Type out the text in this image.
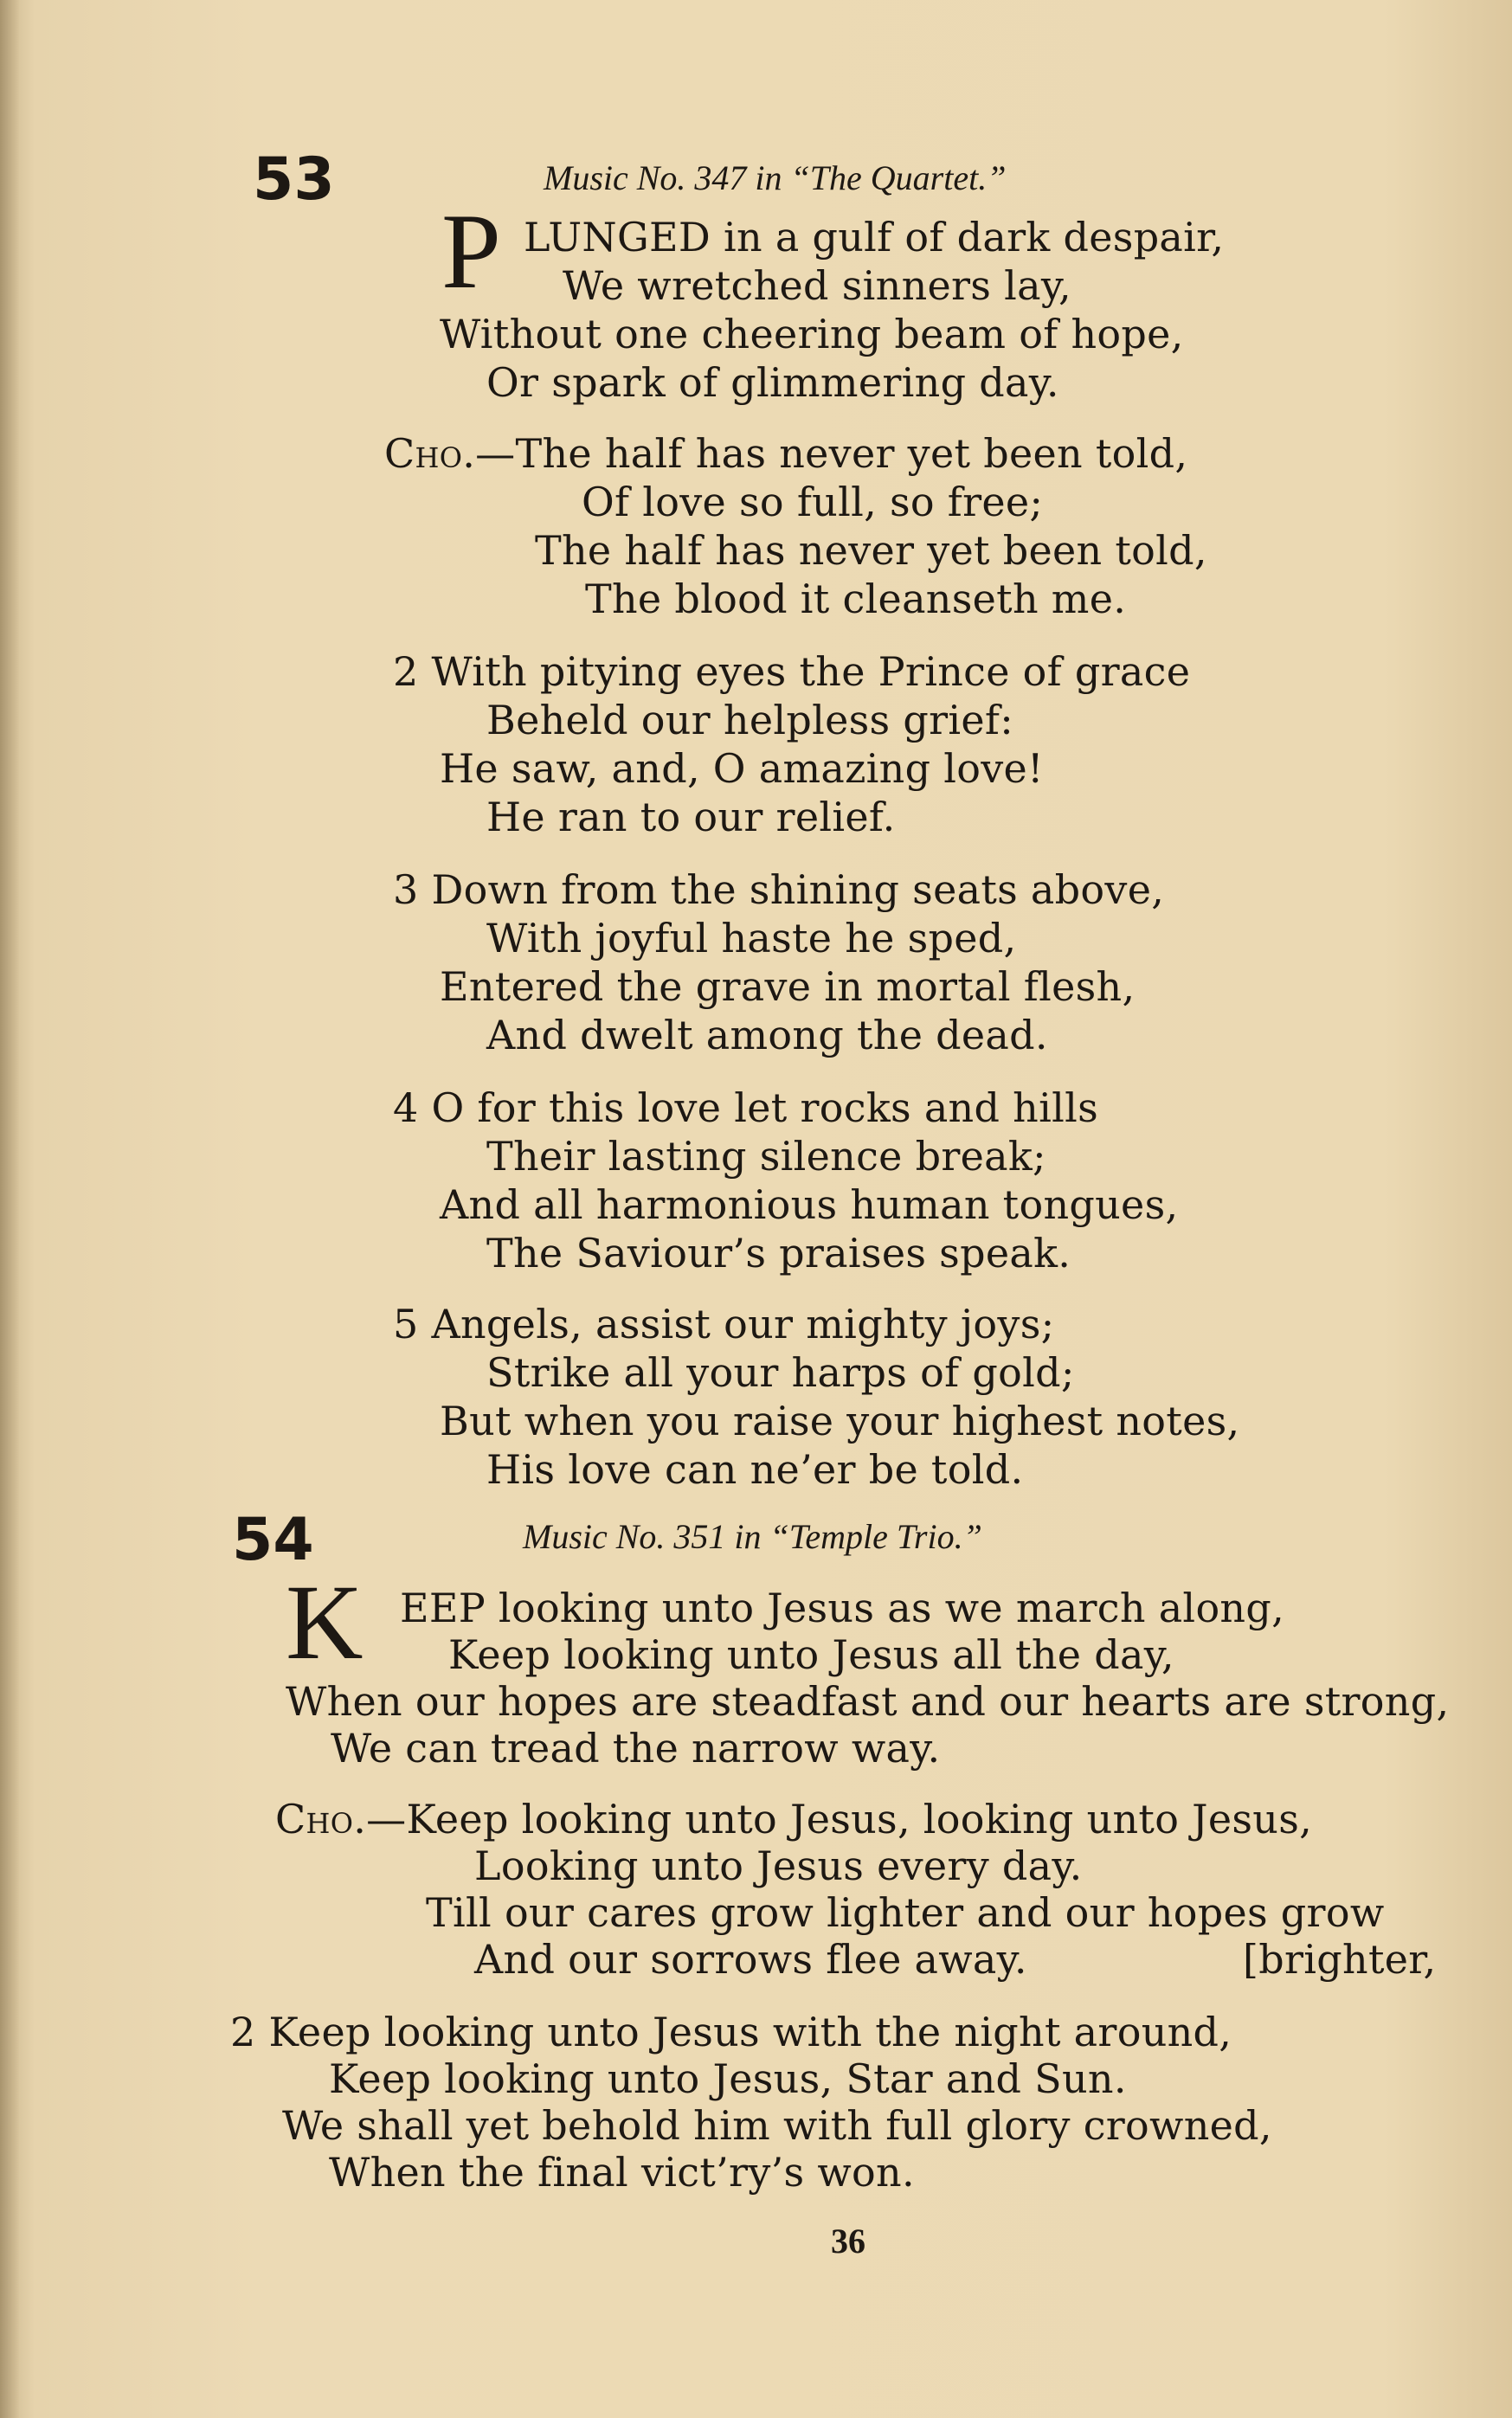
53	Music No. 347 in “The Quartet.”
P LUNGED in a gulf of dark despair,
We wretched sinners lay,
Without one cheering beam of hope,
Or spark of glimmering day.
Cho.—The half has never yet been told,
Of love so full, so free;
The half has never yet been told,
The blood it cleanseth me.
2 With pitying eyes the Prince of grace
Beheld our helpless grief:
He saw, and, O amazing love!
He ran to our relief.
3 Down from the shining seats above,
With joyful haste he sped,
Entered the grave in mortal flesh,
And dwelt among the dead.
4 O for this love let rocks and hills
Their lasting silence break;
And all harmonious human tongues,
The Saviour’s praises speak.
5 Angels, assist our mighty joys;
Strike all your harps of gold;
But when you raise your highest notes,
His love can ne’er be told.
54	Music No. 351 in “Temple Trio.”
K EEP looking unto Jesus as we march along,
Keep looking unto Jesus all the day,
When our hopes are steadfast and our hearts are strong,
We can tread the narrow way.
Cho.—Keep looking unto Jesus, looking unto Jesus,
Looking unto Jesus every day.
Till our cares grow lighter and our hopes grow
And our sorrows flee away.	[brighter,
2 Keep looking unto Jesus with the night around,
Keep looking unto Jesus, Star and Sun.
We shall yet behold him with full glory crowned,
When the final vict’ry’s won.
36
